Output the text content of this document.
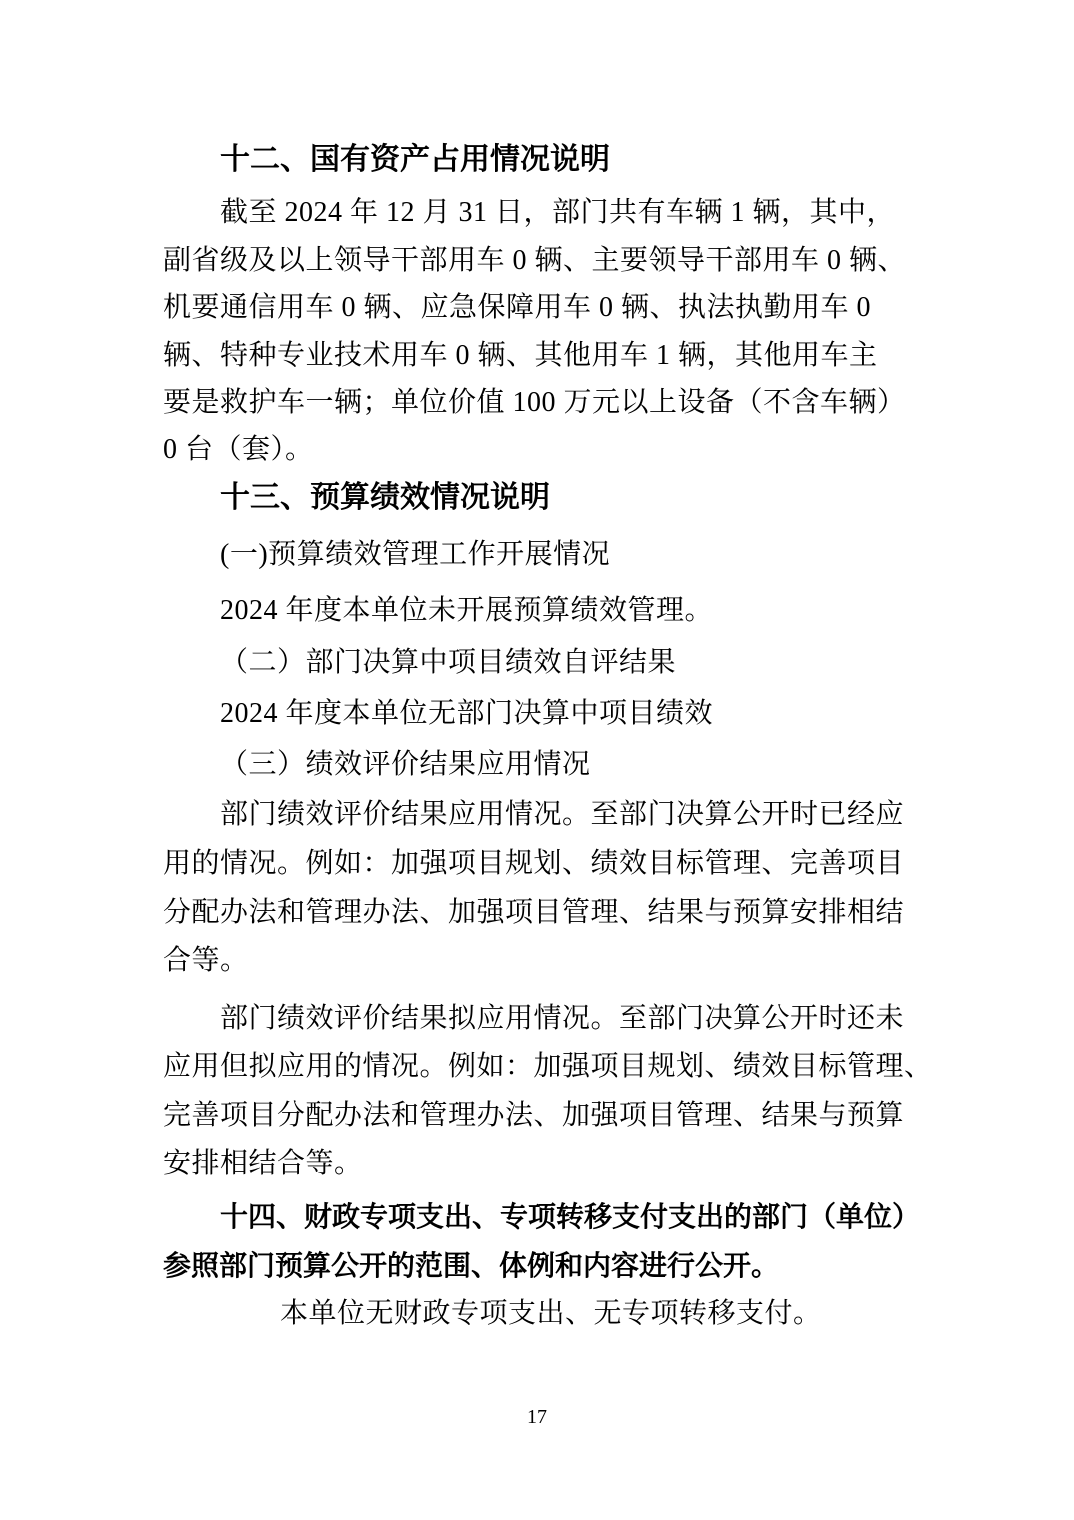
十二、国有资产占用情况说明
截至 2024 年 12 月 31 日，部门共有车辆 1 辆，其中，
副省级及以上领导干部用车 0 辆、主要领导干部用车 0 辆、
机要通信用车 0 辆、应急保障用车 0 辆、执法执勤用车 0
辆、特种专业技术用车 0 辆、其他用车 1 辆，其他用车主
要是救护车一辆；单位价值 100 万元以上设备（不含车辆）
0 台（套）。
十三、预算绩效情况说明
(一)预算绩效管理工作开展情况
2024 年度本单位未开展预算绩效管理。
（二）部门决算中项目绩效自评结果
2024 年度本单位无部门决算中项目绩效
（三）绩效评价结果应用情况
部门绩效评价结果应用情况。至部门决算公开时已经应
用的情况。例如：加强项目规划、绩效目标管理、完善项目
分配办法和管理办法、加强项目管理、结果与预算安排相结
合等。
部门绩效评价结果拟应用情况。至部门决算公开时还未
应用但拟应用的情况。例如：加强项目规划、绩效目标管理、
完善项目分配办法和管理办法、加强项目管理、结果与预算
安排相结合等。
十四、财政专项支出、专项转移支付支出的部门（单位）
参照部门预算公开的范围、体例和内容进行公开。
本单位无财政专项支出、无专项转移支付。
17
